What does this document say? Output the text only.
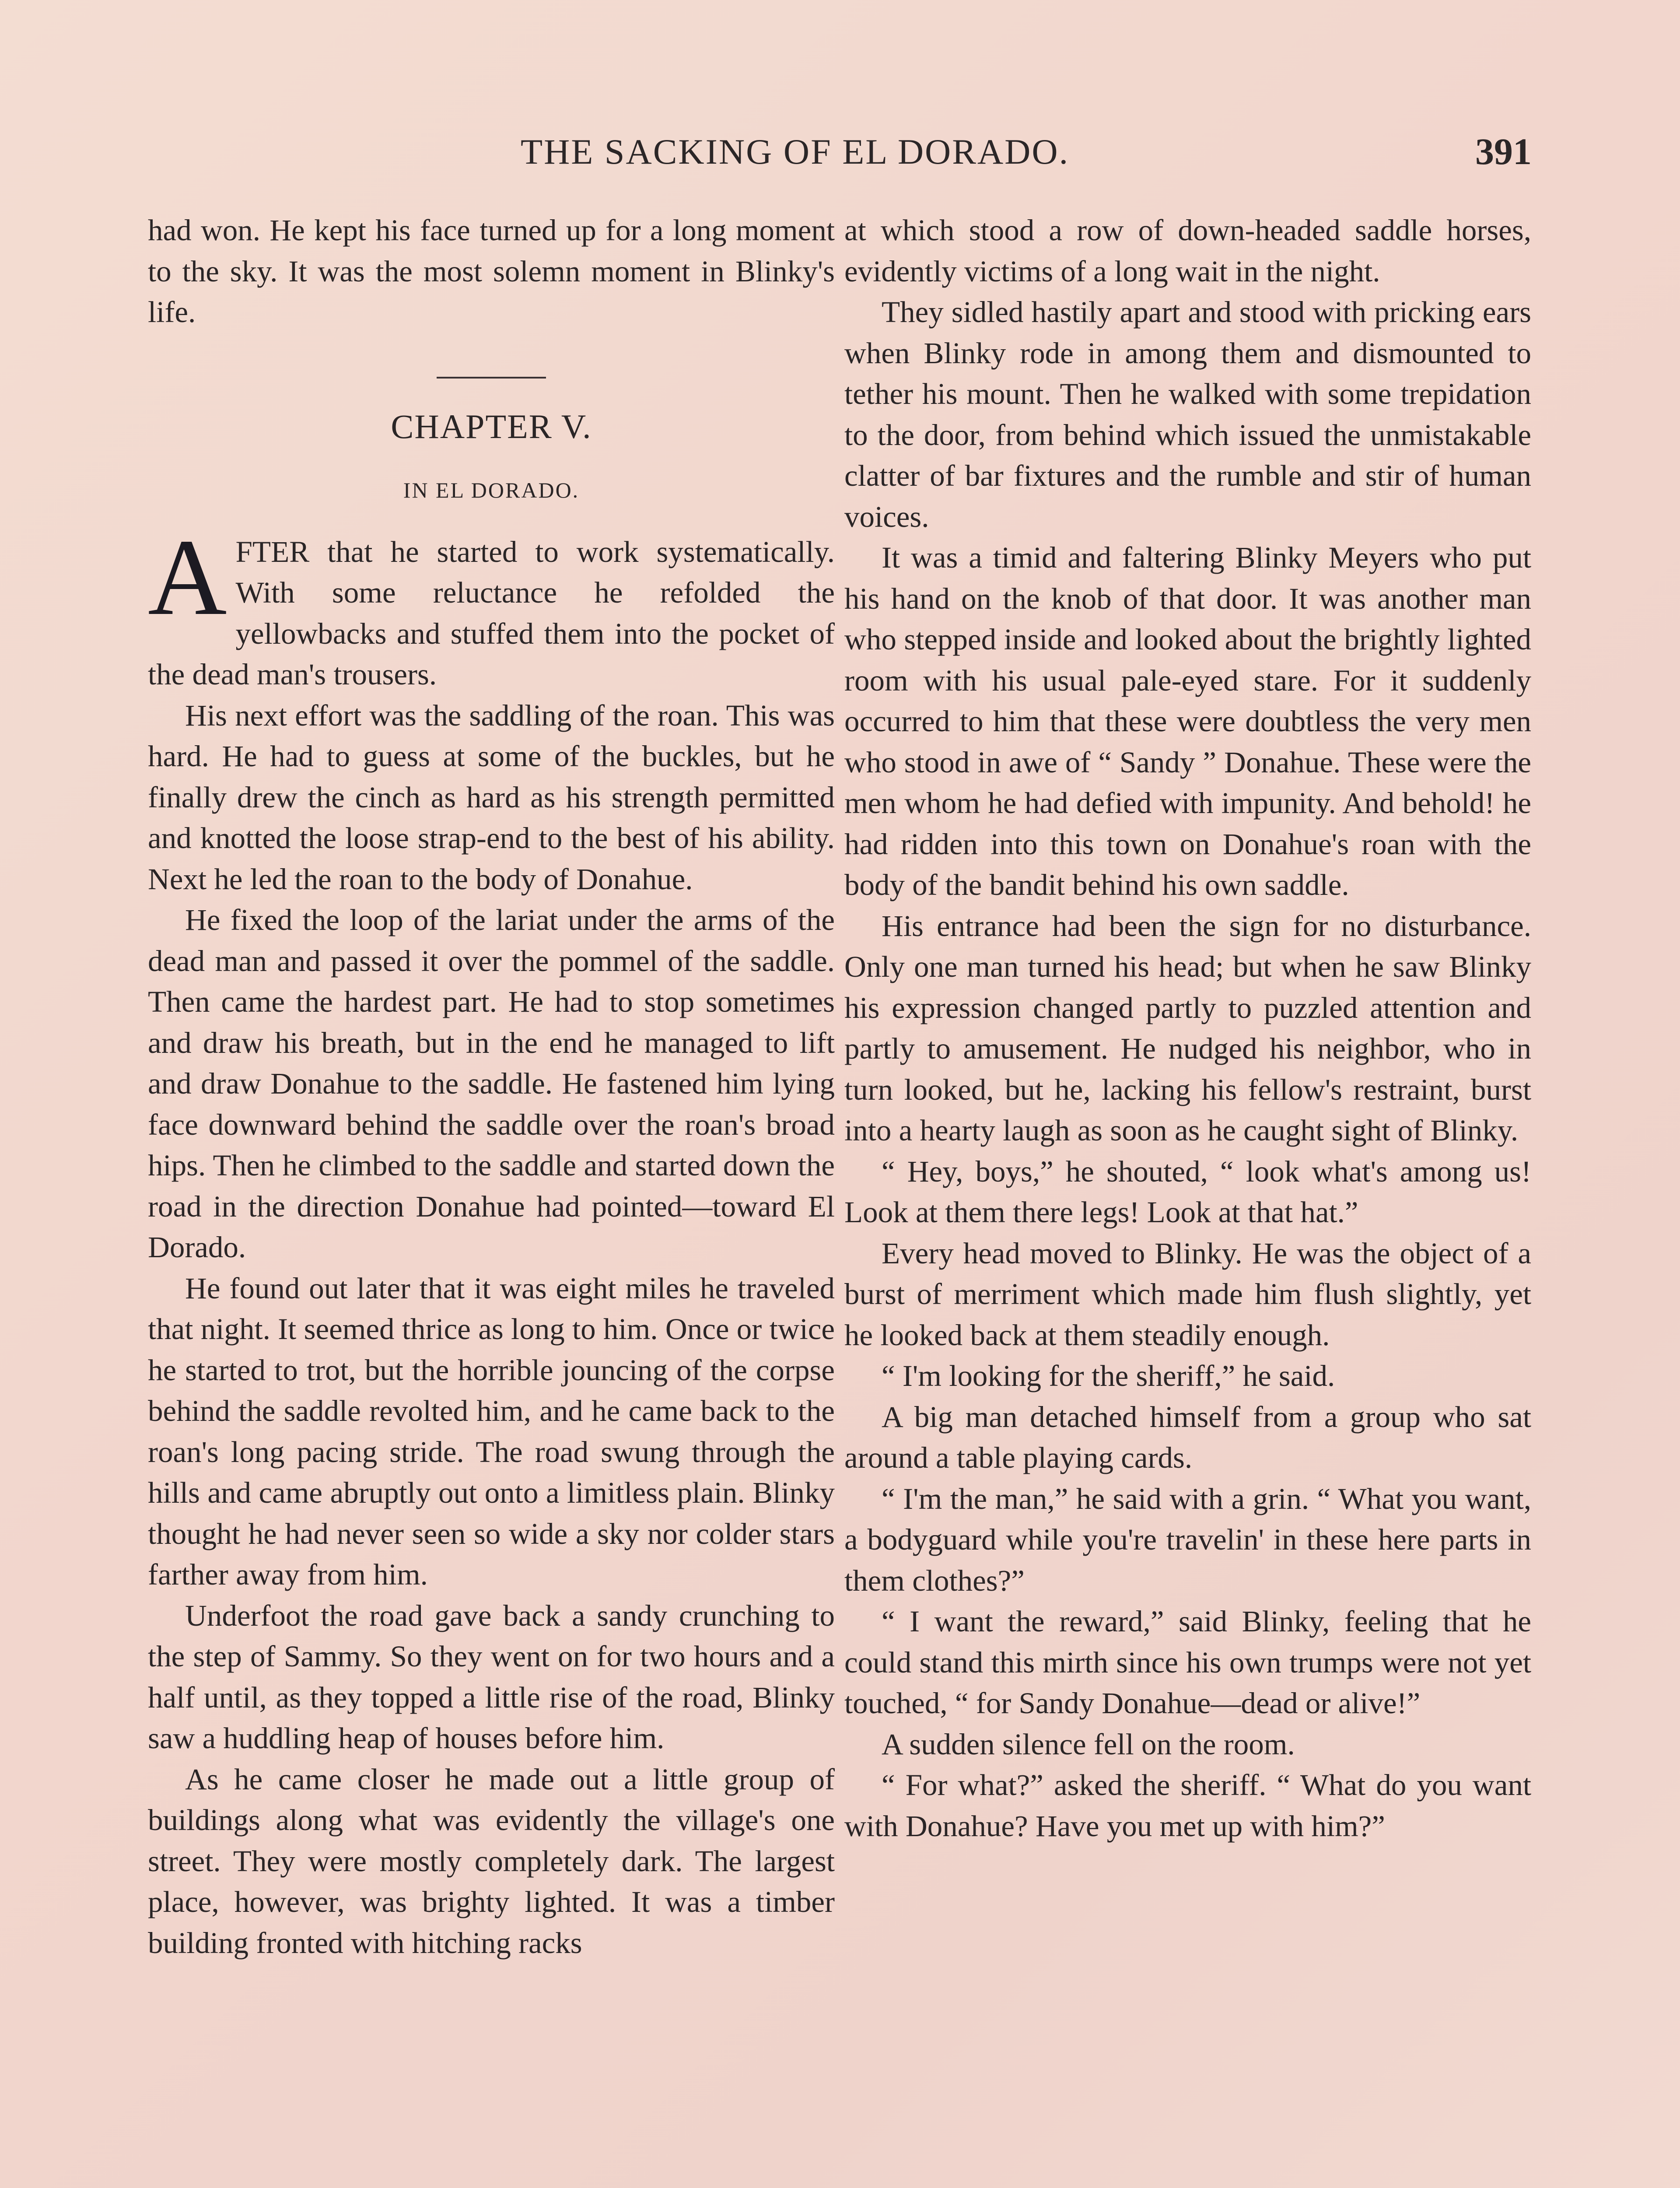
THE SACKING OF EL DORADO.	391

had won. He kept his face turned up for a long moment to the sky. It was the most solemn moment in Blinky's life.

CHAPTER V.
IN EL DORADO.

AFTER that he started to work systematically. With some reluctance he refolded the yellowbacks and stuffed them into the pocket of the dead man's trousers.

His next effort was the saddling of the roan. This was hard. He had to guess at some of the buckles, but he finally drew the cinch as hard as his strength permitted and knotted the loose strap-end to the best of his ability. Next he led the roan to the body of Donahue.

He fixed the loop of the lariat under the arms of the dead man and passed it over the pommel of the saddle. Then came the hardest part. He had to stop sometimes and draw his breath, but in the end he managed to lift and draw Donahue to the saddle. He fastened him lying face downward behind the saddle over the roan's broad hips. Then he climbed to the saddle and started down the road in the direction Donahue had pointed—toward El Dorado.

He found out later that it was eight miles he traveled that night. It seemed thrice as long to him. Once or twice he started to trot, but the horrible jouncing of the corpse behind the saddle revolted him, and he came back to the roan's long pacing stride. The road swung through the hills and came abruptly out onto a limitless plain. Blinky thought he had never seen so wide a sky nor colder stars farther away from him.

Underfoot the road gave back a sandy crunching to the step of Sammy. So they went on for two hours and a half until, as they topped a little rise of the road, Blinky saw a huddling heap of houses before him.

As he came closer he made out a little group of buildings along what was evidently the village's one street. They were mostly completely dark. The largest place, however, was brighty lighted. It was a timber building fronted with hitching racks

at which stood a row of down-headed saddle horses, evidently victims of a long wait in the night.

They sidled hastily apart and stood with pricking ears when Blinky rode in among them and dismounted to tether his mount. Then he walked with some trepidation to the door, from behind which issued the unmistakable clatter of bar fixtures and the rumble and stir of human voices.

It was a timid and faltering Blinky Meyers who put his hand on the knob of that door. It was another man who stepped inside and looked about the brightly lighted room with his usual pale-eyed stare. For it suddenly occurred to him that these were doubtless the very men who stood in awe of “ Sandy ” Donahue. These were the men whom he had defied with impunity. And behold! he had ridden into this town on Donahue's roan with the body of the bandit behind his own saddle.

His entrance had been the sign for no disturbance. Only one man turned his head; but when he saw Blinky his expression changed partly to puzzled attention and partly to amusement. He nudged his neighbor, who in turn looked, but he, lacking his fellow's restraint, burst into a hearty laugh as soon as he caught sight of Blinky.

“ Hey, boys,” he shouted, “ look what's among us! Look at them there legs! Look at that hat.”

Every head moved to Blinky. He was the object of a burst of merriment which made him flush slightly, yet he looked back at them steadily enough.

“ I'm looking for the sheriff,” he said.

A big man detached himself from a group who sat around a table playing cards.

“ I'm the man,” he said with a grin. “ What you want, a bodyguard while you're travelin' in these here parts in them clothes?”

“ I want the reward,” said Blinky, feeling that he could stand this mirth since his own trumps were not yet touched, “ for Sandy Donahue—dead or alive!”

A sudden silence fell on the room.

“ For what?” asked the sheriff. “ What do you want with Donahue? Have you met up with him?”
